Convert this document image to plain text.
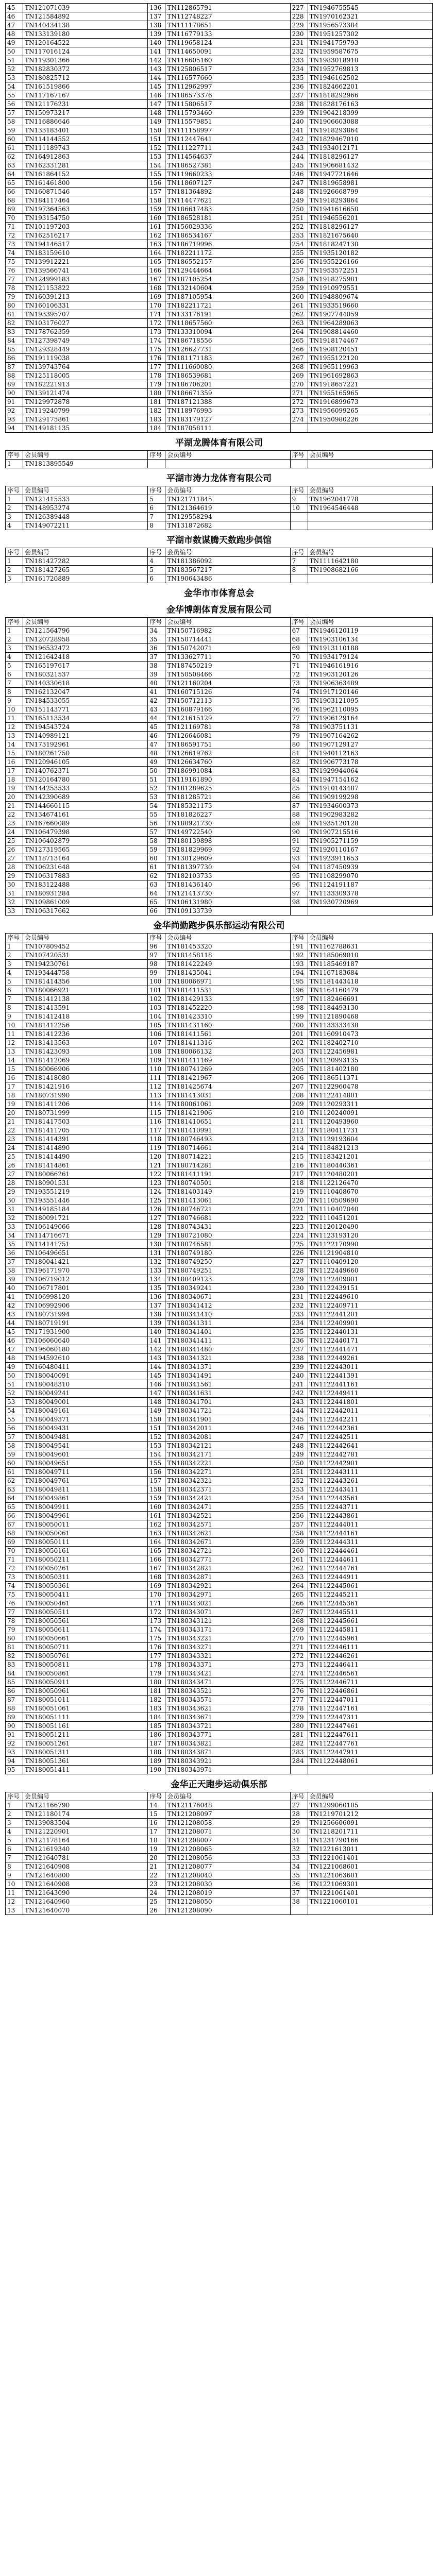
45	TN121071039	136	TN112865791	227	TN1946755545
46	TN121584892	137	TN112748227	228	TN1970162321
47	TN140434138	138	TN111178651	229	TN1956573384
48	TN133139180	139	TN116779133	230	TN1951257302
49	TN120164522	140	TN119658124	231	TN1941759793
50	TN117016124	141	TN114650091	232	TN1959587675
51	TN119301366	142	TN116605160	233	TN1983018910
52	TN182830372	143	TN125806517	234	TN1952769813
53	TN180825712	144	TN116577660	235	TN1946162502
54	TN161519866	145	TN112962997	236	TN1824662201
55	TN117167167	146	TN186573376	237	TN1818292966
56	TN121176231	147	TN115806517	238	TN1828176163
57	TN150973217	148	TN115793460	239	TN1904218399
58	TN116886646	149	TN115579851	240	TN1906603088
59	TN133183401	150	TN111158997	241	TN1918293864
60	TN114144552	151	TN112447641	242	TN1829467010
61	TN111189743	152	TN111227711	243	TN1934012171
62	TN164912863	153	TN114564637	244	TN1818296127
63	TN162331281	154	TN186527381	245	TN1906681432
64	TN161864152	155	TN119660233	246	TN1947721646
65	TN161461800	156	TN118607127	247	TN1819658981
66	TN160871546	157	TN181364892	248	TN1926668799
68	TN184117464	158	TN114477621	249	TN1918293864
69	TN197364563	159	TN186617483	250	TN1941616650
70	TN193154750	160	TN186528181	251	TN1946556201
71	TN101197203	161	TN156029336	252	TN1818296127
72	TN162516217	162	TN186534167	253	TN1821675640
73	TN194146517	163	TN186719996	254	TN1818247130
74	TN183159610	164	TN182211172	255	TN1935120182
75	TN139912221	165	TN186552157	256	TN1955226166
76	TN139566741	166	TN129444664	257	TN1953572251
77	TN124999183	167	TN187105254	258	TN1918275981
78	TN121153822	168	TN132140604	259	TN1910979551
79	TN160391213	169	TN187105954	260	TN1948809674
80	TN160106331	170	TN182211721	261	TN1933519660
81	TN193395707	171	TN133176191	262	TN1907744059
82	TN103176027	172	TN118657560	263	TN1964289063
83	TN178762359	173	TN133310094	264	TN1908814460
84	TN127398749	174	TN186718556	265	TN1918174467
85	TN129328449	175	TN126627731	266	TN1908120451
86	TN191119038	176	TN181171183	267	TN1955122120
87	TN139743764	177	TN111660080	268	TN1965119963
88	TN125118005	178	TN186539681	269	TN1961692863
89	TN182221913	179	TN186706201	270	TN1918657221
90	TN139121474	180	TN186671359	271	TN1955165965
91	TN129972878	181	TN187121388	272	TN1916899673
92	TN119240799	182	TN118976993	273	TN1956099265
93	TN129175861	183	TN183179127	274	TN1950980226
94	TN149181135	184	TN187058111		
平湖龙腾体育有限公司
序号	会员编号	序号	会员编号	序号	会员编号
1	TN1813895549				
平湖市涛力龙体育有限公司
序号	会员编号	序号	会员编号	序号	会员编号
1	TN121415533	5	TN121711845	9	TN1962041778
2	TN148953274	6	TN121364619	10	TN1964546448
3	TN126389448	7	TN129558294		
4	TN149072211	8	TN131872682		
平湖市数谋腾天数跑步俱馆
序号	会员编号	序号	会员编号	序号	会员编号
1	TN181427282	4	TN181386092	7	TN1111642180
2	TN181427265	5	TN183567217	8	TN1908682166
3	TN161720889	6	TN190643486		
金华市市体育总会
金华博朗体育发展有限公司
序号	会员编号	序号	会员编号	序号	会员编号
1	TN121564796	34	TN150716982	67	TN1946120119
2	TN120728958	35	TN150714441	68	TN1903106134
3	TN196532472	36	TN150742071	69	TN1913110188
4	TN121642418	37	TN133627711	70	TN1934179124
5	TN165197617	38	TN187450219	71	TN1946161916
6	TN180321537	39	TN150508466	72	TN1903120126
7	TN140330618	40	TN121160204	73	TN1906363489
8	TN162132047	41	TN160715126	74	TN1917120146
9	TN184533055	42	TN150712113	75	TN1903121095
10	TN151143771	43	TN160879166	76	TN1962110095
11	TN165113534	44	TN121615129	77	TN1906129164
12	TN194543724	45	TN121169781	78	TN1903751131
13	TN140989121	46	TN126646081	79	TN1907164262
14	TN173192961	47	TN186591751	80	TN1907129127
15	TN180261750	48	TN126619762	81	TN1940112163
16	TN120946105	49	TN126634760	82	TN1906773178
17	TN140762371	50	TN186991084	83	TN1929944064
18	TN120164780	51	TN119161890	84	TN1947154162
19	TN144253533	52	TN181289625	85	TN1910143487
20	TN142390689	53	TN181285721	86	TN1909199298
21	TN144660115	54	TN185321173	87	TN1934600373
22	TN134674161	55	TN181826227	88	TN1902983282
23	TN167660089	56	TN180921730	89	TN1935120128
24	TN106479398	57	TN149722540	90	TN1907215516
25	TN106402879	58	TN180139898	91	TN1905271159
26	TN127319565	59	TN181829969	92	TN1920110167
27	TN118713164	60	TN130129609	93	TN1923911653
28	TN106231648	61	TN181397730	94	TN1187450939
29	TN106317883	62	TN182103733	95	TN1108299070
30	TN183122488	63	TN181436140	96	TN1124191187
31	TN180931284	64	TN121413730	97	TN1133309378
32	TN109861009	65	TN106131980	98	TN1930720969
33	TN106317662	66	TN109133739		
金华尚勤跑步俱乐部运动有限公司
序号	会员编号	序号	会员编号	序号	会员编号
1	TN107809452	96	TN181453320	191	TN1162788631
2	TN107420531	97	TN181458118	192	TN1185069010
3	TN194230761	98	TN181422249	193	TN1185469187
4	TN193444758	99	TN181435041	194	TN1167183684
5	TN181414356	100	TN180066971	195	TN1181443418
6	TN180066921	101	TN181411531	196	TN1164160479
7	TN181412138	102	TN181429133	197	TN1182466691
8	TN181413591	103	TN181452220	198	TN1184493130
9	TN181412418	104	TN181423310	199	TN1121890468
10	TN181412256	105	TN181431160	200	TN1133333438
11	TN181412236	106	TN181411561	201	TN1160910473
12	TN181413563	107	TN181411316	202	TN1182402710
13	TN181423093	108	TN180066132	203	TN1122456981
14	TN181412069	109	TN181411169	204	TN1120993135
15	TN180066906	110	TN180741269	205	TN1181402180
16	TN181418080	111	TN181421967	206	TN1186511371
17	TN181421916	112	TN181425674	207	TN1122960478
18	TN180731990	113	TN181413031	208	TN1122414801
19	TN181411206	114	TN180061061	209	TN1120293311
20	TN180731999	115	TN181421906	210	TN1120240091
21	TN181417503	116	TN181410651	211	TN1120493960
22	TN181411705	117	TN181410991	212	TN1180411731
23	TN181414391	118	TN180746493	213	TN1129193604
24	TN181414890	119	TN180714661	214	TN1184821213
25	TN181414490	120	TN180714221	215	TN1183421201
26	TN181414861	121	TN180714281	216	TN1180440361
27	TN180066261	122	TN181411191	217	TN1120480201
28	TN180901531	123	TN180740501	218	TN1122126470
29	TN193551219	124	TN181403149	219	TN1110408670
30	TN193551446	125	TN181413061	220	TN1110509690
31	TN149185184	126	TN180746721	221	TN1110407040
32	TN180091721	127	TN180746681	222	TN1110451201
33	TN106149066	128	TN180743431	223	TN1120120490
34	TN114716671	129	TN180721080	224	TN1123193120
35	TN114141751	130	TN180746581	225	TN1122170990
36	TN106496651	131	TN180749180	226	TN1121904810
37	TN180041421	132	TN180749250	227	TN1110409120
38	TN196171970	133	TN180749251	228	TN1122449660
39	TN106719012	134	TN180409123	229	TN1122409001
40	TN106717801	135	TN180349241	230	TN1122439151
41	TN106998120	136	TN180340671	231	TN1122449610
42	TN106992906	137	TN180341412	232	TN1122409711
43	TN180731994	138	TN180341410	233	TN1122441201
44	TN180719191	139	TN180341311	234	TN1122409901
45	TN171931900	140	TN180341401	235	TN1122440131
46	TN106060640	141	TN180341411	236	TN1122440171
47	TN196060180	142	TN180341480	237	TN1122441471
48	TN194592610	143	TN180341321	238	TN1122449261
49	TN160480411	144	TN180341371	239	TN1122443011
50	TN180040091	145	TN180341491	240	TN1122441391
51	TN180048310	146	TN180341561	241	TN1122441161
52	TN180049241	147	TN180341631	242	TN1122449411
53	TN180049001	148	TN180341701	243	TN1122441801
54	TN180049161	149	TN180341721	244	TN1122442011
55	TN180049371	150	TN180341901	245	TN1122442211
56	TN180049431	151	TN180342011	246	TN1122442361
57	TN180049481	152	TN180342081	247	TN1122442511
58	TN180049541	153	TN180342121	248	TN1122442641
59	TN180049601	154	TN180342171	249	TN1122442781
60	TN180049651	155	TN180342221	250	TN1122442901
61	TN180049711	156	TN180342271	251	TN1122443111
62	TN180049761	157	TN180342321	252	TN1122443261
63	TN180049811	158	TN180342371	253	TN1122443411
64	TN180049861	159	TN180342421	254	TN1122443561
65	TN180049911	160	TN180342471	255	TN1122443711
66	TN180049961	161	TN180342521	256	TN1122443861
67	TN180050011	162	TN180342571	257	TN1122444011
68	TN180050061	163	TN180342621	258	TN1122444161
69	TN180050111	164	TN180342671	259	TN1122444311
70	TN180050161	165	TN180342721	260	TN1122444461
71	TN180050211	166	TN180342771	261	TN1122444611
72	TN180050261	167	TN180342821	262	TN1122444761
73	TN180050311	168	TN180342871	263	TN1122444911
74	TN180050361	169	TN180342921	264	TN1122445061
75	TN180050411	170	TN180342971	265	TN1122445211
76	TN180050461	171	TN180343021	266	TN1122445361
77	TN180050511	172	TN180343071	267	TN1122445511
78	TN180050561	173	TN180343121	268	TN1122445661
79	TN180050611	174	TN180343171	269	TN1122445811
80	TN180050661	175	TN180343221	270	TN1122445961
81	TN180050711	176	TN180343271	271	TN1122446111
82	TN180050761	177	TN180343321	272	TN1122446261
83	TN180050811	178	TN180343371	273	TN1122446411
84	TN180050861	179	TN180343421	274	TN1122446561
85	TN180050911	180	TN180343471	275	TN1122446711
86	TN180050961	181	TN180343521	276	TN1122446861
87	TN180051011	182	TN180343571	277	TN1122447011
88	TN180051061	183	TN180343621	278	TN1122447161
89	TN180051111	184	TN180343671	279	TN1122447311
90	TN180051161	185	TN180343721	280	TN1122447461
91	TN180051211	186	TN180343771	281	TN1122447611
92	TN180051261	187	TN180343821	282	TN1122447761
93	TN180051311	188	TN180343871	283	TN1122447911
94	TN180051361	189	TN180343921	284	TN1122448061
95	TN180051411	190	TN180343971		
金华正天跑步运动俱乐部
序号	会员编号	序号	会员编号	序号	会员编号
1	TN121166790	14	TN121176048	27	TN1299060105
2	TN121180174	15	TN121208097	28	TN1219701212
3	TN139083504	16	TN121208058	29	TN1256606091
4	TN121220901	17	TN121208071	30	TN1218201711
5	TN121178164	18	TN121208007	31	TN1231790166
6	TN121619340	19	TN121208065	32	TN1221613011
7	TN121640781	20	TN121208056	33	TN1221061401
8	TN121640908	21	TN121208077	34	TN1221068601
9	TN121640800	22	TN121208040	35	TN1221063601
10	TN121640908	23	TN121208030	36	TN1221069301
11	TN121643090	24	TN121208019	37	TN1221061401
12	TN121640960	25	TN121208050	38	TN1221060101
13	TN121640070	26	TN121208090		
